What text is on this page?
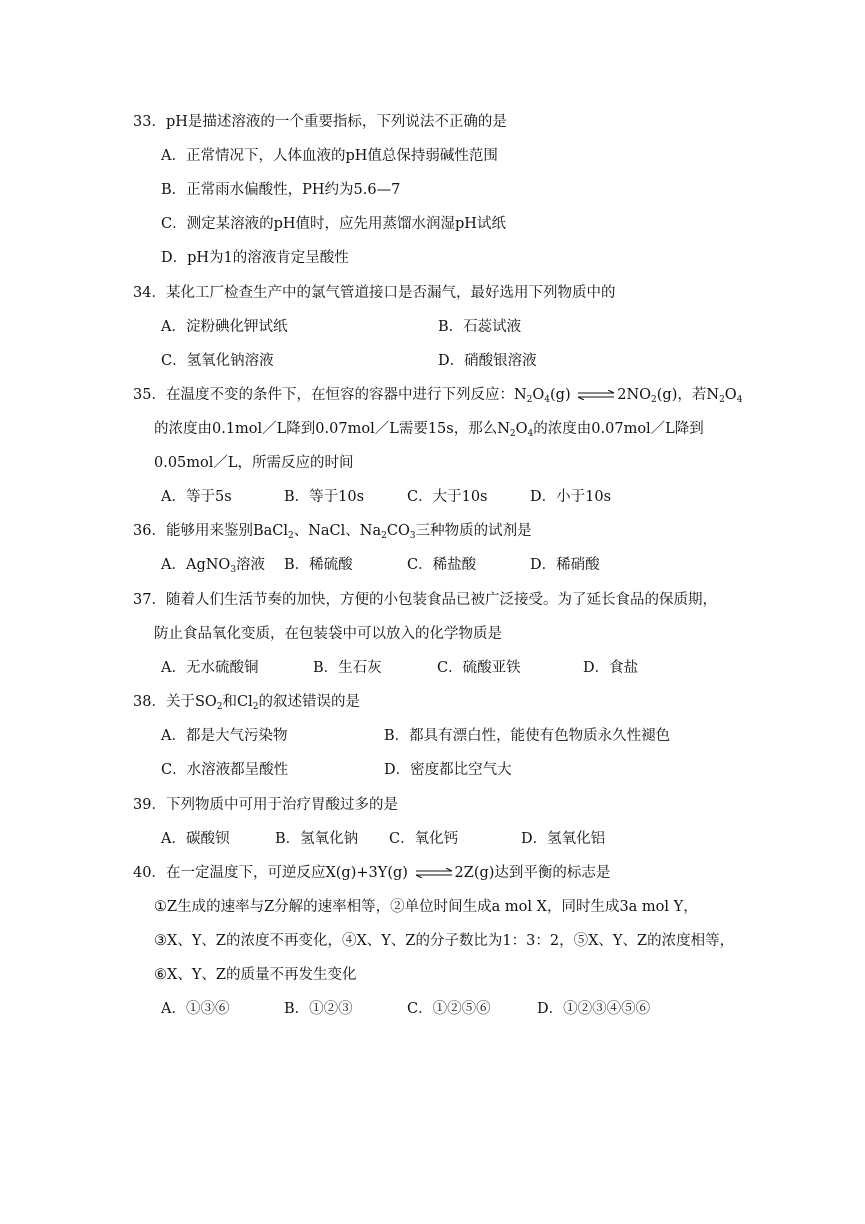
33．pH是描述溶液的一个重要指标，下列说法不正确的是
A．正常情况下，人体血液的pH值总保持弱碱性范围
B．正常雨水偏酸性，PH约为5.6—7
C．测定某溶液的pH值时，应先用蒸馏水润湿pH试纸
D．pH为1的溶液肯定呈酸性
34．某化工厂检查生产中的氯气管道接口是否漏气，最好选用下列物质中的
A．淀粉碘化钾试纸	B．石蕊试液
C．氢氧化钠溶液	D．硝酸银溶液
35．在温度不变的条件下，在恒容的容器中进行下列反应：$N_2O_4(g)$ $\rightleftharpoons 2NO_2(g)$，若$N_2O_4$
的浓度由0.1mol／L降到0.07mol／L需要15s，那么$N_2O_4$的浓度由0.07mol／L降到
0.05mol／L，所需反应的时间
A．等于5s	B．等于10s	C．大于10s	D．小于10s
36．能够用来鉴别BaCl$_2$、NaCl、$Na_2CO_3$三种物质的试剂是
A．AgNO$_3$溶液 B．稀硫酸	C．稀盐酸	D．稀硝酸
37．随着人们生活节奏的加快，方便的小包装食品已被广泛接受。为了延长食品的保质期，
防止食品氧化变质，在包装袋中可以放入的化学物质是
A．无水硫酸铜	B．生石灰	C．硫酸亚铁	D．食盐
38．关于$SO_2$和$Cl_2$的叙述错误的是
A．都是大气污染物	B．都具有漂白性，能使有色物质永久性褪色
C．水溶液都呈酸性	D．密度都比空气大
39．下列物质中可用于治疗胃酸过多的是
A．碳酸钡	B．氢氧化钠 C．氧化钙	D．氢氧化铝
40．在一定温度下，可逆反应X(g)+3Y(g) ⇌2Z(g)达到平衡的标志是
①Z生成的速率与Z分解的速率相等，②单位时间生成a mol X，同时生成3a mol Y，
③X、Y、Z的浓度不再变化，④X、Y、Z的分子数比为1：3：2，⑤X、Y、Z的浓度相等，
⑥X、Y、Z的质量不再发生变化
A．①③⑥	B．①②③	C．①②⑤⑥	D．①②③④⑤⑥
